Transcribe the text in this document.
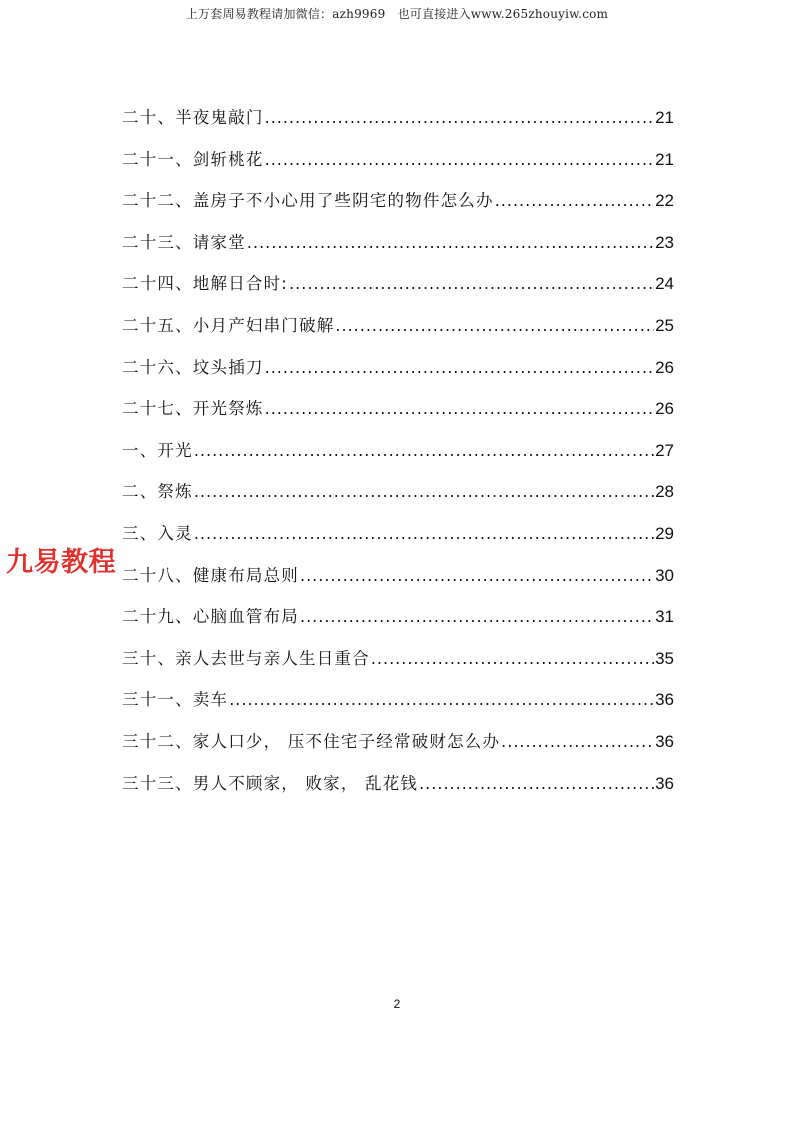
上万套周易教程请加微信：azh9969　也可直接进入www.265zhouyiw.com
二十、半夜鬼敲门 .....	21
二十一、剑斩桃花 .....	21
二十二、盖房子不小心用了些阴宅的物件怎么办 .....	22
二十三、请家堂 .....	23
二十四、地解日合时: .....	24
二十五、小月产妇串门破解 .....	25
二十六、坟头插刀 .....	26
二十七、开光祭炼 .....	26
一、开光 .....	27
二、祭炼 .....	28
三、入灵 .....	29
二十八、健康布局总则 .....	30
二十九、心脑血管布局 .....	31
三十、亲人去世与亲人生日重合 .....	35
三十一、卖车 .....	36
三十二、家人口少， 压不住宅子经常破财怎么办 .....	36
三十三、男人不顾家， 败家， 乱花钱 .....	36
九易教程
2
